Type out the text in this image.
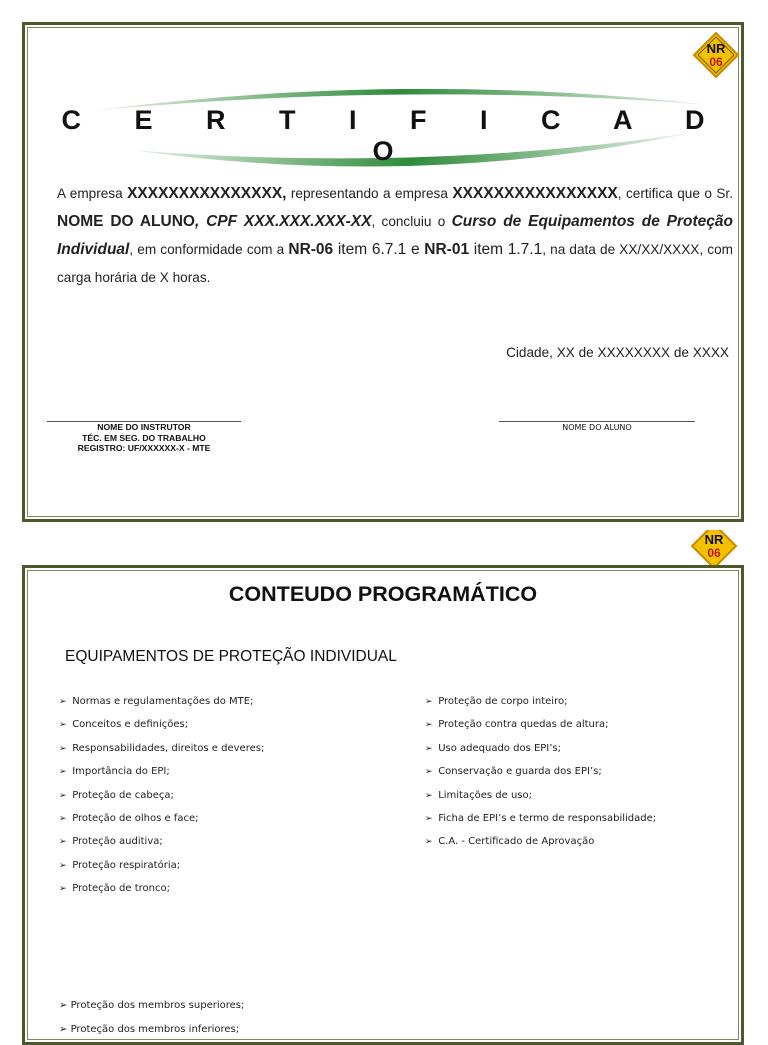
NR
06
C E R T I F I C A D O
A empresa XXXXXXXXXXXXXXX, representando a empresa XXXXXXXXXXXXXXXX, certifica que o Sr. NOME DO ALUNO, CPF XXX.XXX.XXX-XX, concluiu o Curso de Equipamentos de Proteção Individual, em conformidade com a NR-06 item 6.7.1 e NR-01 item 1.7.1, na data de XX/XX/XXXX, com carga horária de X horas.
Cidade, XX de XXXXXXXX de XXXX
NOME DO INSTRUTOR
TÉC. EM SEG. DO TRABALHO
REGISTRO: UF/XXXXXX-X - MTE
NOME DO ALUNO
NR
06
CONTEUDO PROGRAMÁTICO
EQUIPAMENTOS DE PROTEÇÃO INDIVIDUAL
➢ Normas e regulamentações do MTE;
➢ Conceitos e definições;
➢ Responsabilidades, direitos e deveres;
➢ Importância do EPI;
➢ Proteção de cabeça;
➢ Proteção de olhos e face;
➢ Proteção auditiva;
➢ Proteção respiratória;
➢ Proteção de tronco;
➢ Proteção de corpo inteiro;
➢ Proteção contra quedas de altura;
➢ Uso adequado dos EPI’s;
➢ Conservação e guarda dos EPI’s;
➢ Limitações de uso;
➢ Ficha de EPI’s e termo de responsabilidade;
➢ C.A. - Certificado de Aprovação
➢ Proteção dos membros superiores;
➢ Proteção dos membros inferiores;
